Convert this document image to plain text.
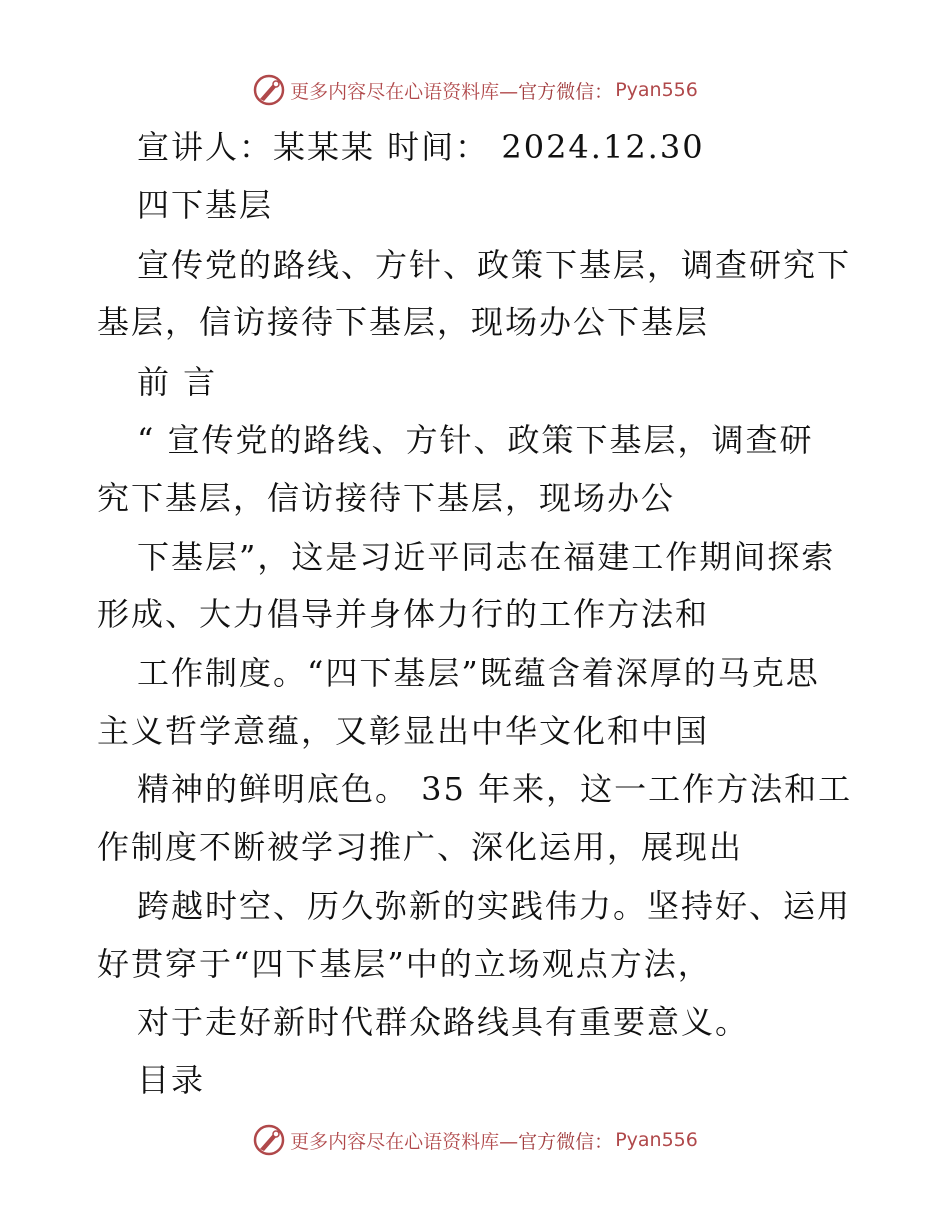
更多内容尽在心语资料库— 官方微信： Pyan556
宣讲人：某某某 时间： 2024.12.30
四下基层
宣传党的路线、方针、政策下基层，调查研究下
基层，信访接待下基层，现场办公下基层
前 言
“ 宣传党的路线、方针、政策下基层，调查研
究下基层，信访接待下基层，现场办公
下基层”，这是习近平同志在福建工作期间探索
形成、大力倡导并身体力行的工作方法和
工作制度。“四下基层”既蕴含着深厚的马克思
主义哲学意蕴，又彰显出中华文化和中国
精神的鲜明底色。 35 年来，这一工作方法和工
作制度不断被学习推广、深化运用，展现出
跨越时空、历久弥新的实践伟力。坚持好、运用
好贯穿于“四下基层”中的立场观点方法，
对于走好新时代群众路线具有重要意义。
目录
更多内容尽在心语资料库— 官方微信： Pyan556
